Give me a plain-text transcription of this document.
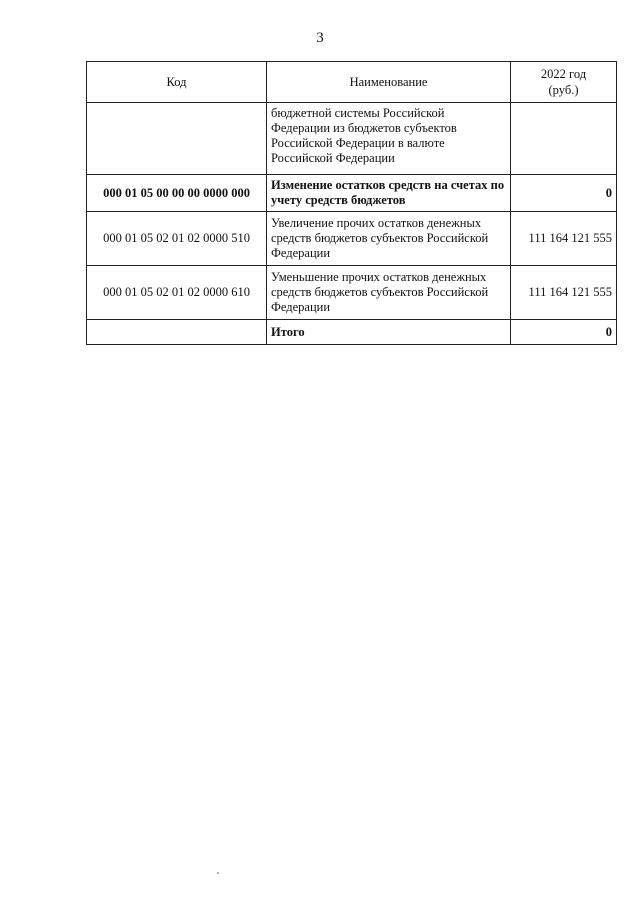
3
Код	Наименование	2022 год
(руб.)
	бюджетной системы Российской Федерации из бюджетов субъектов Российской Федерации в валюте Российской Федерации	
000 01 05 00 00 00 0000 000	Изменение остатков средств на счетах по учету средств бюджетов	0
000 01 05 02 01 02 0000 510	Увеличение прочих остатков денежных средств бюджетов субъектов Российской Федерации	111 164 121 555
000 01 05 02 01 02 0000 610	Уменьшение прочих остатков денежных средств бюджетов субъектов Российской Федерации	111 164 121 555
	Итого	0
